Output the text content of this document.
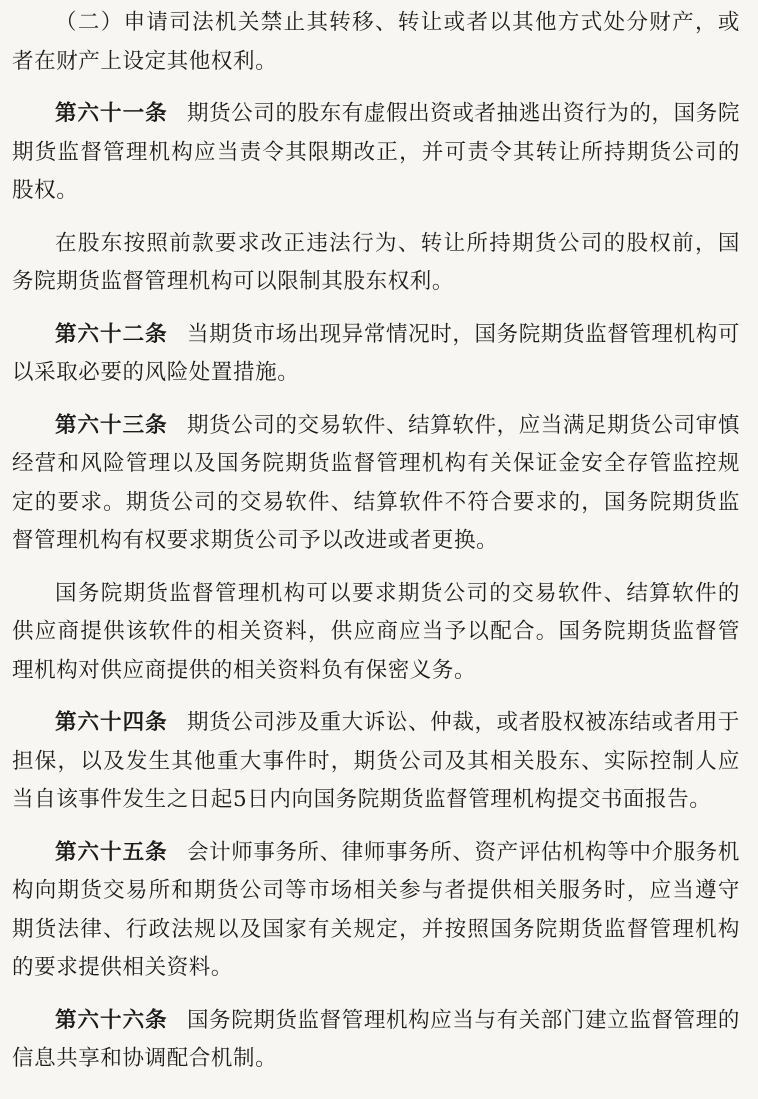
（二）申请司法机关禁止其转移、转让或者以其他方式处分财产，或者在财产上设定其他权利。

第六十一条 期货公司的股东有虚假出资或者抽逃出资行为的，国务院期货监督管理机构应当责令其限期改正，并可责令其转让所持期货公司的股权。

在股东按照前款要求改正违法行为、转让所持期货公司的股权前，国务院期货监督管理机构可以限制其股东权利。

第六十二条 当期货市场出现异常情况时，国务院期货监督管理机构可以采取必要的风险处置措施。

第六十三条 期货公司的交易软件、结算软件，应当满足期货公司审慎经营和风险管理以及国务院期货监督管理机构有关保证金安全存管监控规定的要求。期货公司的交易软件、结算软件不符合要求的，国务院期货监督管理机构有权要求期货公司予以改进或者更换。

国务院期货监督管理机构可以要求期货公司的交易软件、结算软件的供应商提供该软件的相关资料，供应商应当予以配合。国务院期货监督管理机构对供应商提供的相关资料负有保密义务。

第六十四条 期货公司涉及重大诉讼、仲裁，或者股权被冻结或者用于担保，以及发生其他重大事件时，期货公司及其相关股东、实际控制人应当自该事件发生之日起5日内向国务院期货监督管理机构提交书面报告。

第六十五条 会计师事务所、律师事务所、资产评估机构等中介服务机构向期货交易所和期货公司等市场相关参与者提供相关服务时，应当遵守期货法律、行政法规以及国家有关规定，并按照国务院期货监督管理机构的要求提供相关资料。

第六十六条 国务院期货监督管理机构应当与有关部门建立监督管理的信息共享和协调配合机制。
